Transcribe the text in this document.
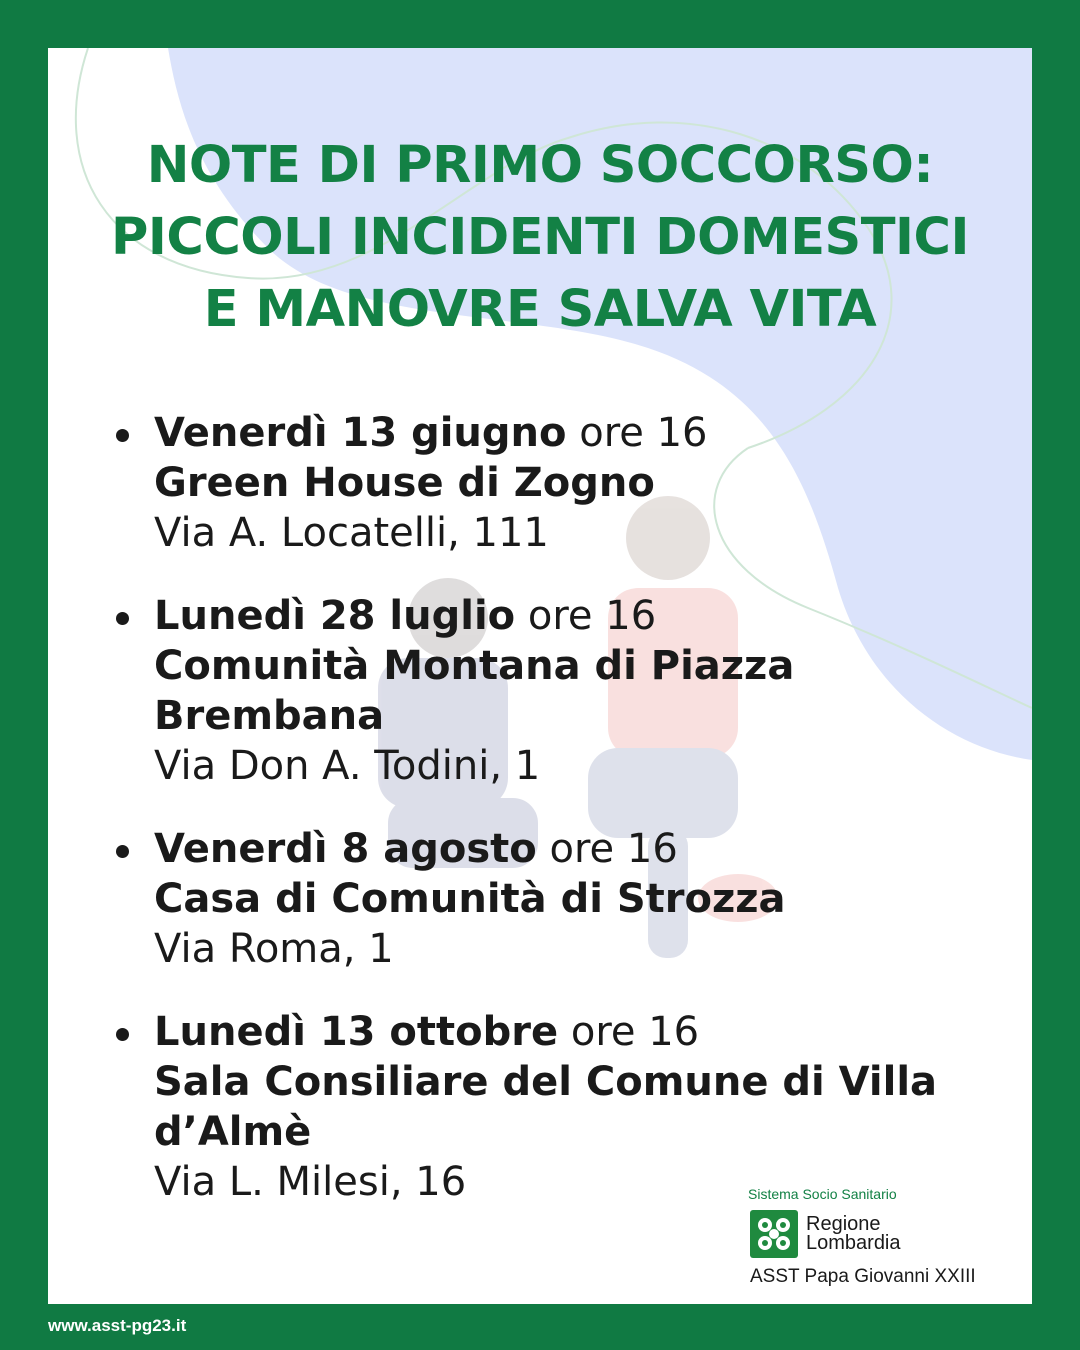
NOTE DI PRIMO SOCCORSO:
PICCOLI INCIDENTI DOMESTICI
E MANOVRE SALVA VITA
Venerdì 13 giugno ore 16
Green House di Zogno
Via A. Locatelli, 111
Lunedì 28 luglio ore 16
Comunità Montana di Piazza Brembana
Via Don A. Todini, 1
Venerdì 8 agosto ore 16
Casa di Comunità di Strozza
Via Roma, 1
Lunedì 13 ottobre ore 16
Sala Consiliare del Comune di Villa d’Almè
Via L. Milesi, 16	Sistema Socio Sanitario
Regione
Lombardia
ASST Papa Giovanni XXIII
www.asst-pg23.it
